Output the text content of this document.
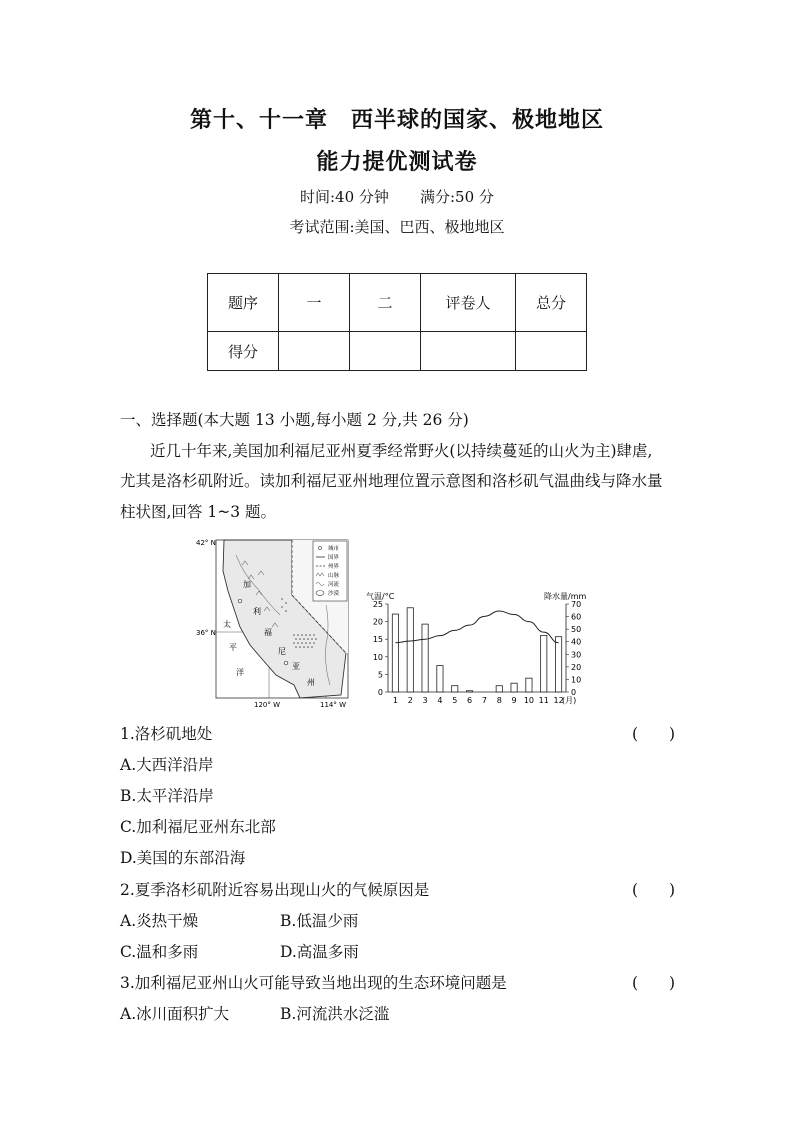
第十、十一章　西半球的国家、极地地区
能力提优测试卷
时间:40 分钟 满分:50 分
考试范围:美国、巴西、极地地区
题序	一	二	评卷人	总分
得分				
一、选择题(本大题 13 小题,每小题 2 分,共 26 分)
近几十年来,美国加利福尼亚州夏季经常野火(以持续蔓延的山火为主)肆虐,
尤其是洛杉矶附近。读加利福尼亚州地理位置示意图和洛杉矶气温曲线与降水量
柱状图,回答 1~3 题。
42° N
36° N
120° W	114° W
加
利
福
尼
亚
州
太
平
洋
城市
国界
州界
山脉
河流
沙漠	气温/°C	降水量/mm
25
20
15
10
5
0
70
60
50
40
30
20
10
0
1 2 3 4 5 6 7 8 9 10 11 12
(月)
1.洛杉矶地处	(　　)
A.大西洋沿岸
B.太平洋沿岸
C.加利福尼亚州东北部
D.美国的东部沿海
2.夏季洛杉矶附近容易出现山火的气候原因是	(　　)
A.炎热干燥	B.低温少雨
C.温和多雨	D.高温多雨
3.加利福尼亚州山火可能导致当地出现的生态环境问题是	(　　)
A.冰川面积扩大	B.河流洪水泛滥
